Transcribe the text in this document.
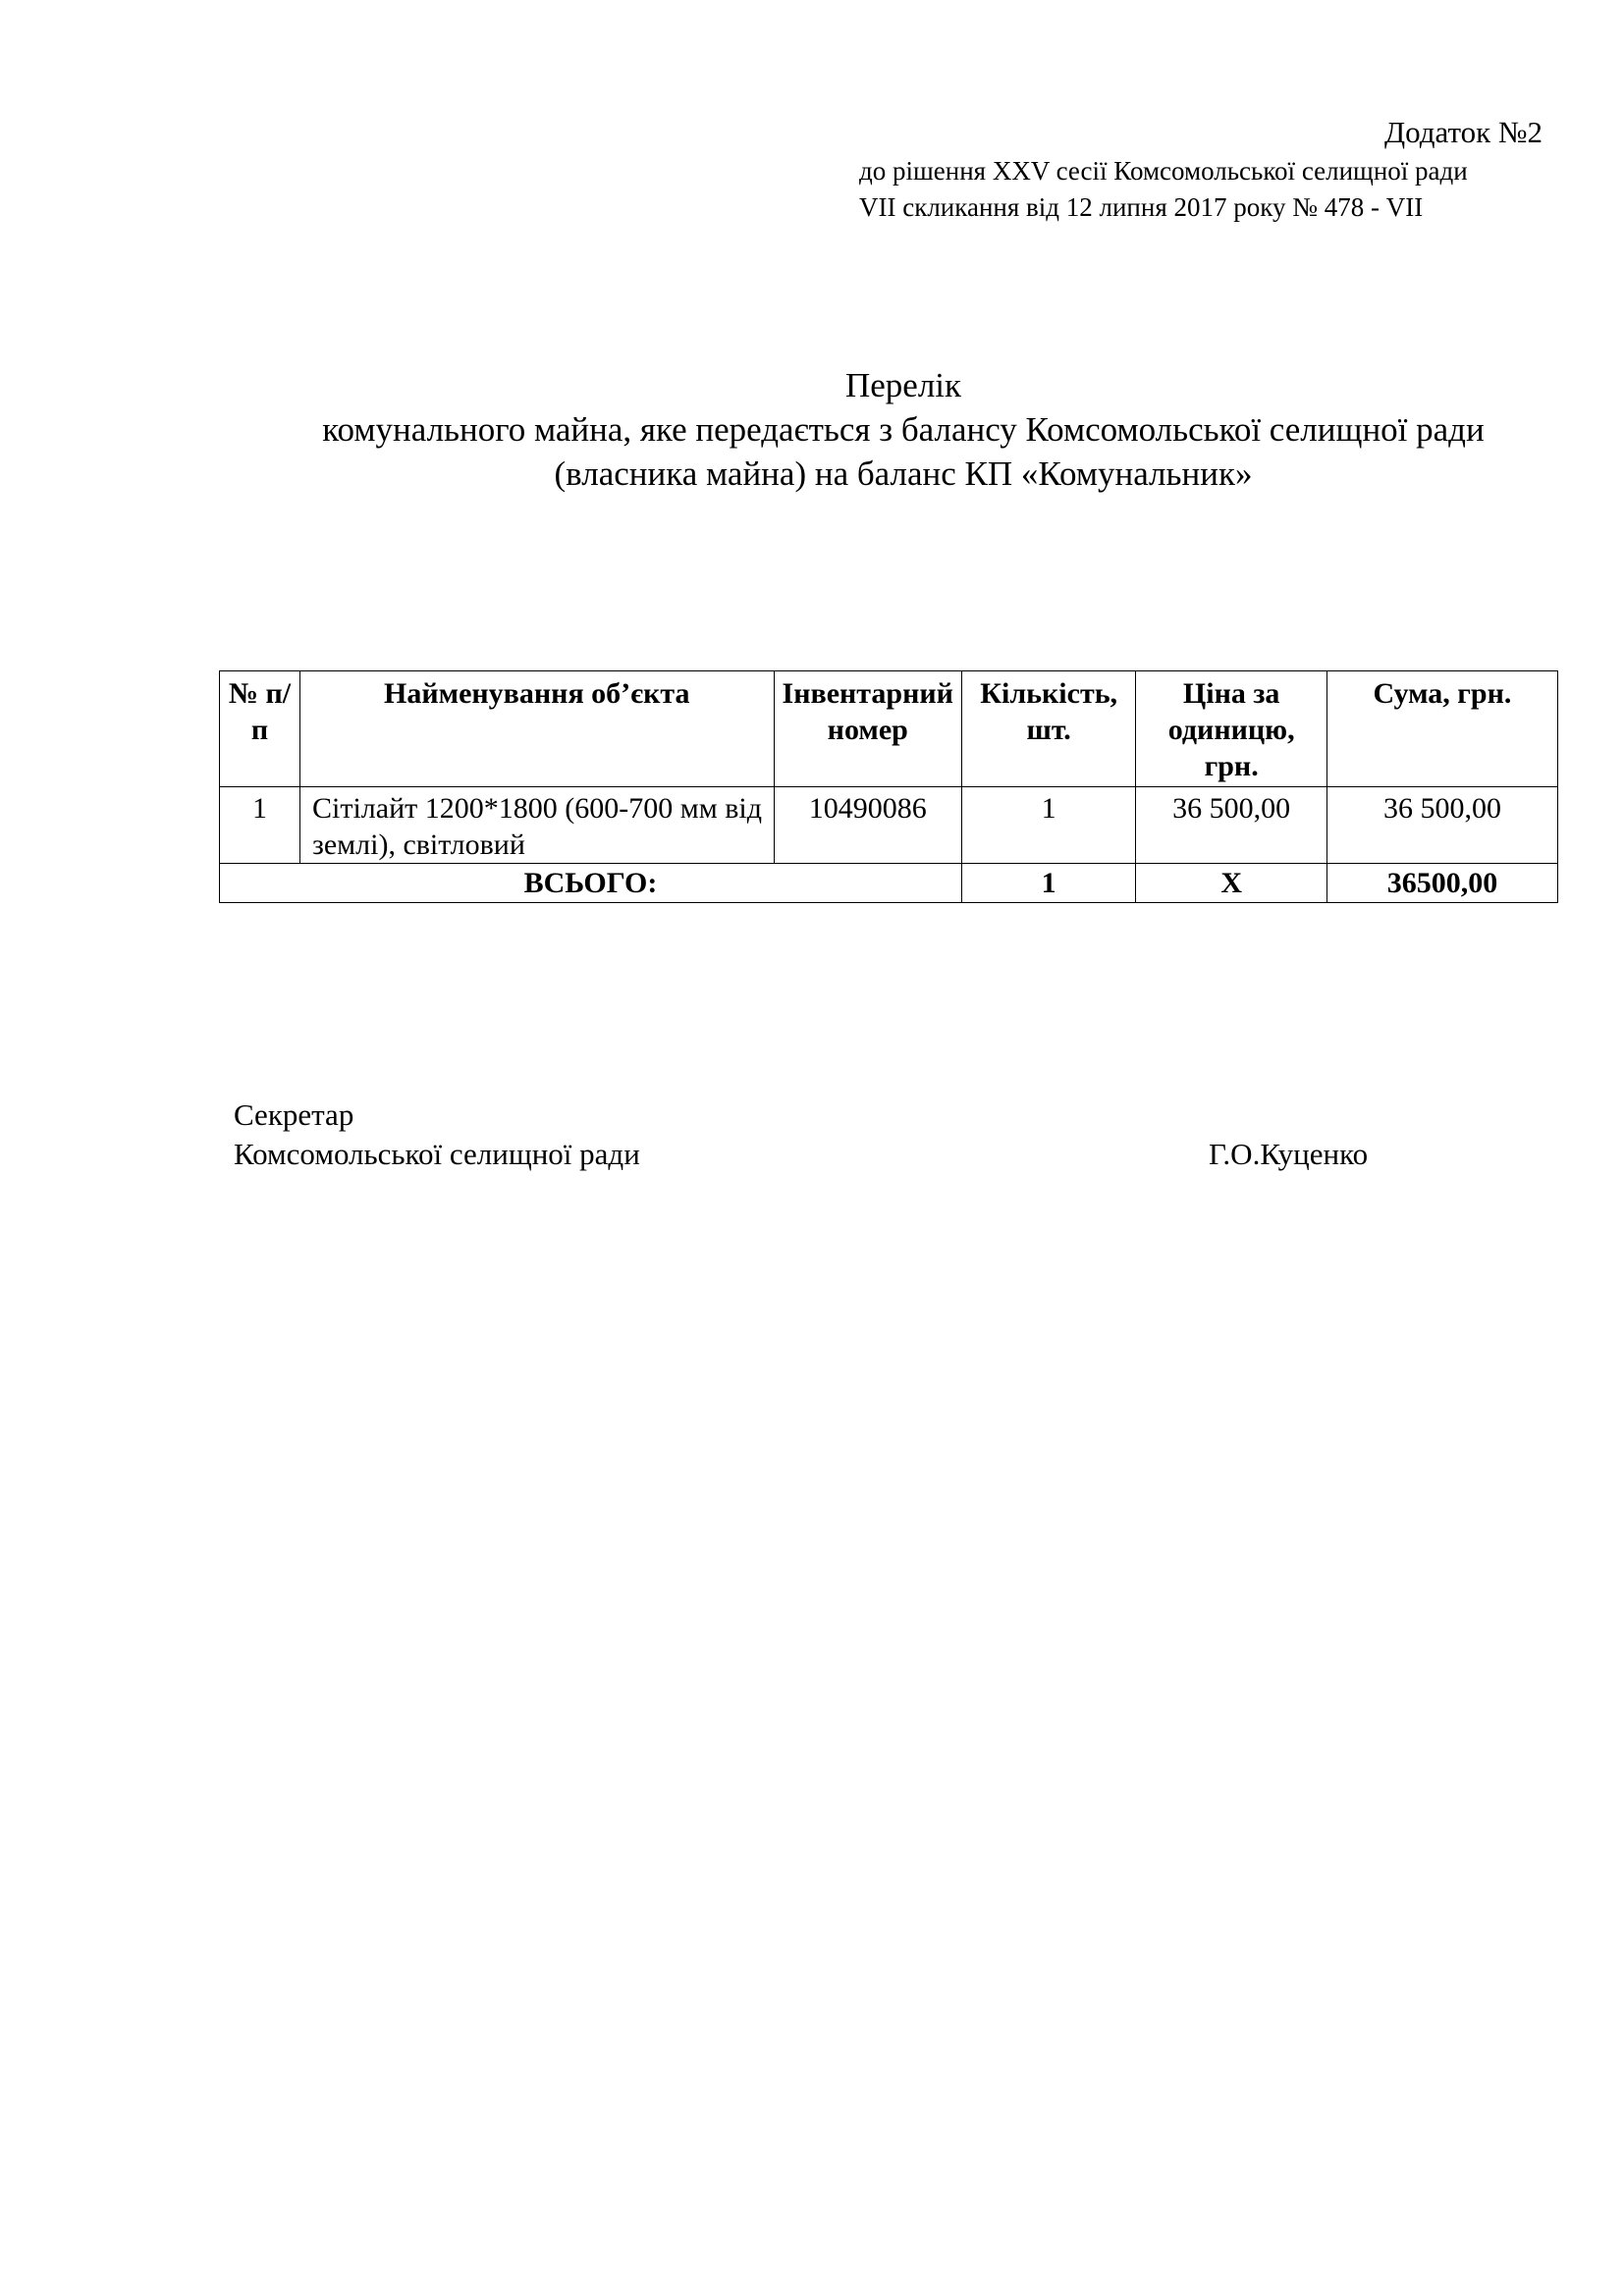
Додаток №2
до рішення XXV сесії Комсомольської селищної ради
VII скликання від 12 липня 2017 року № 478 - VII
Перелік
комунального майна, яке передається з балансу Комсомольської селищної ради
(власника майна) на баланс КП «Комунальник»
№ п/п	Найменування об’єкта	Інвентарний номер	Кількість, шт.	Ціна за одиницю, грн.	Сума, грн.
1	Сітілайт 1200*1800 (600-700 мм від землі), світловий	10490086	1	36 500,00	36 500,00
ВСЬОГО:			1	Х	36500,00
Секретар
Комсомольської селищної ради	Г.О.Куценко
